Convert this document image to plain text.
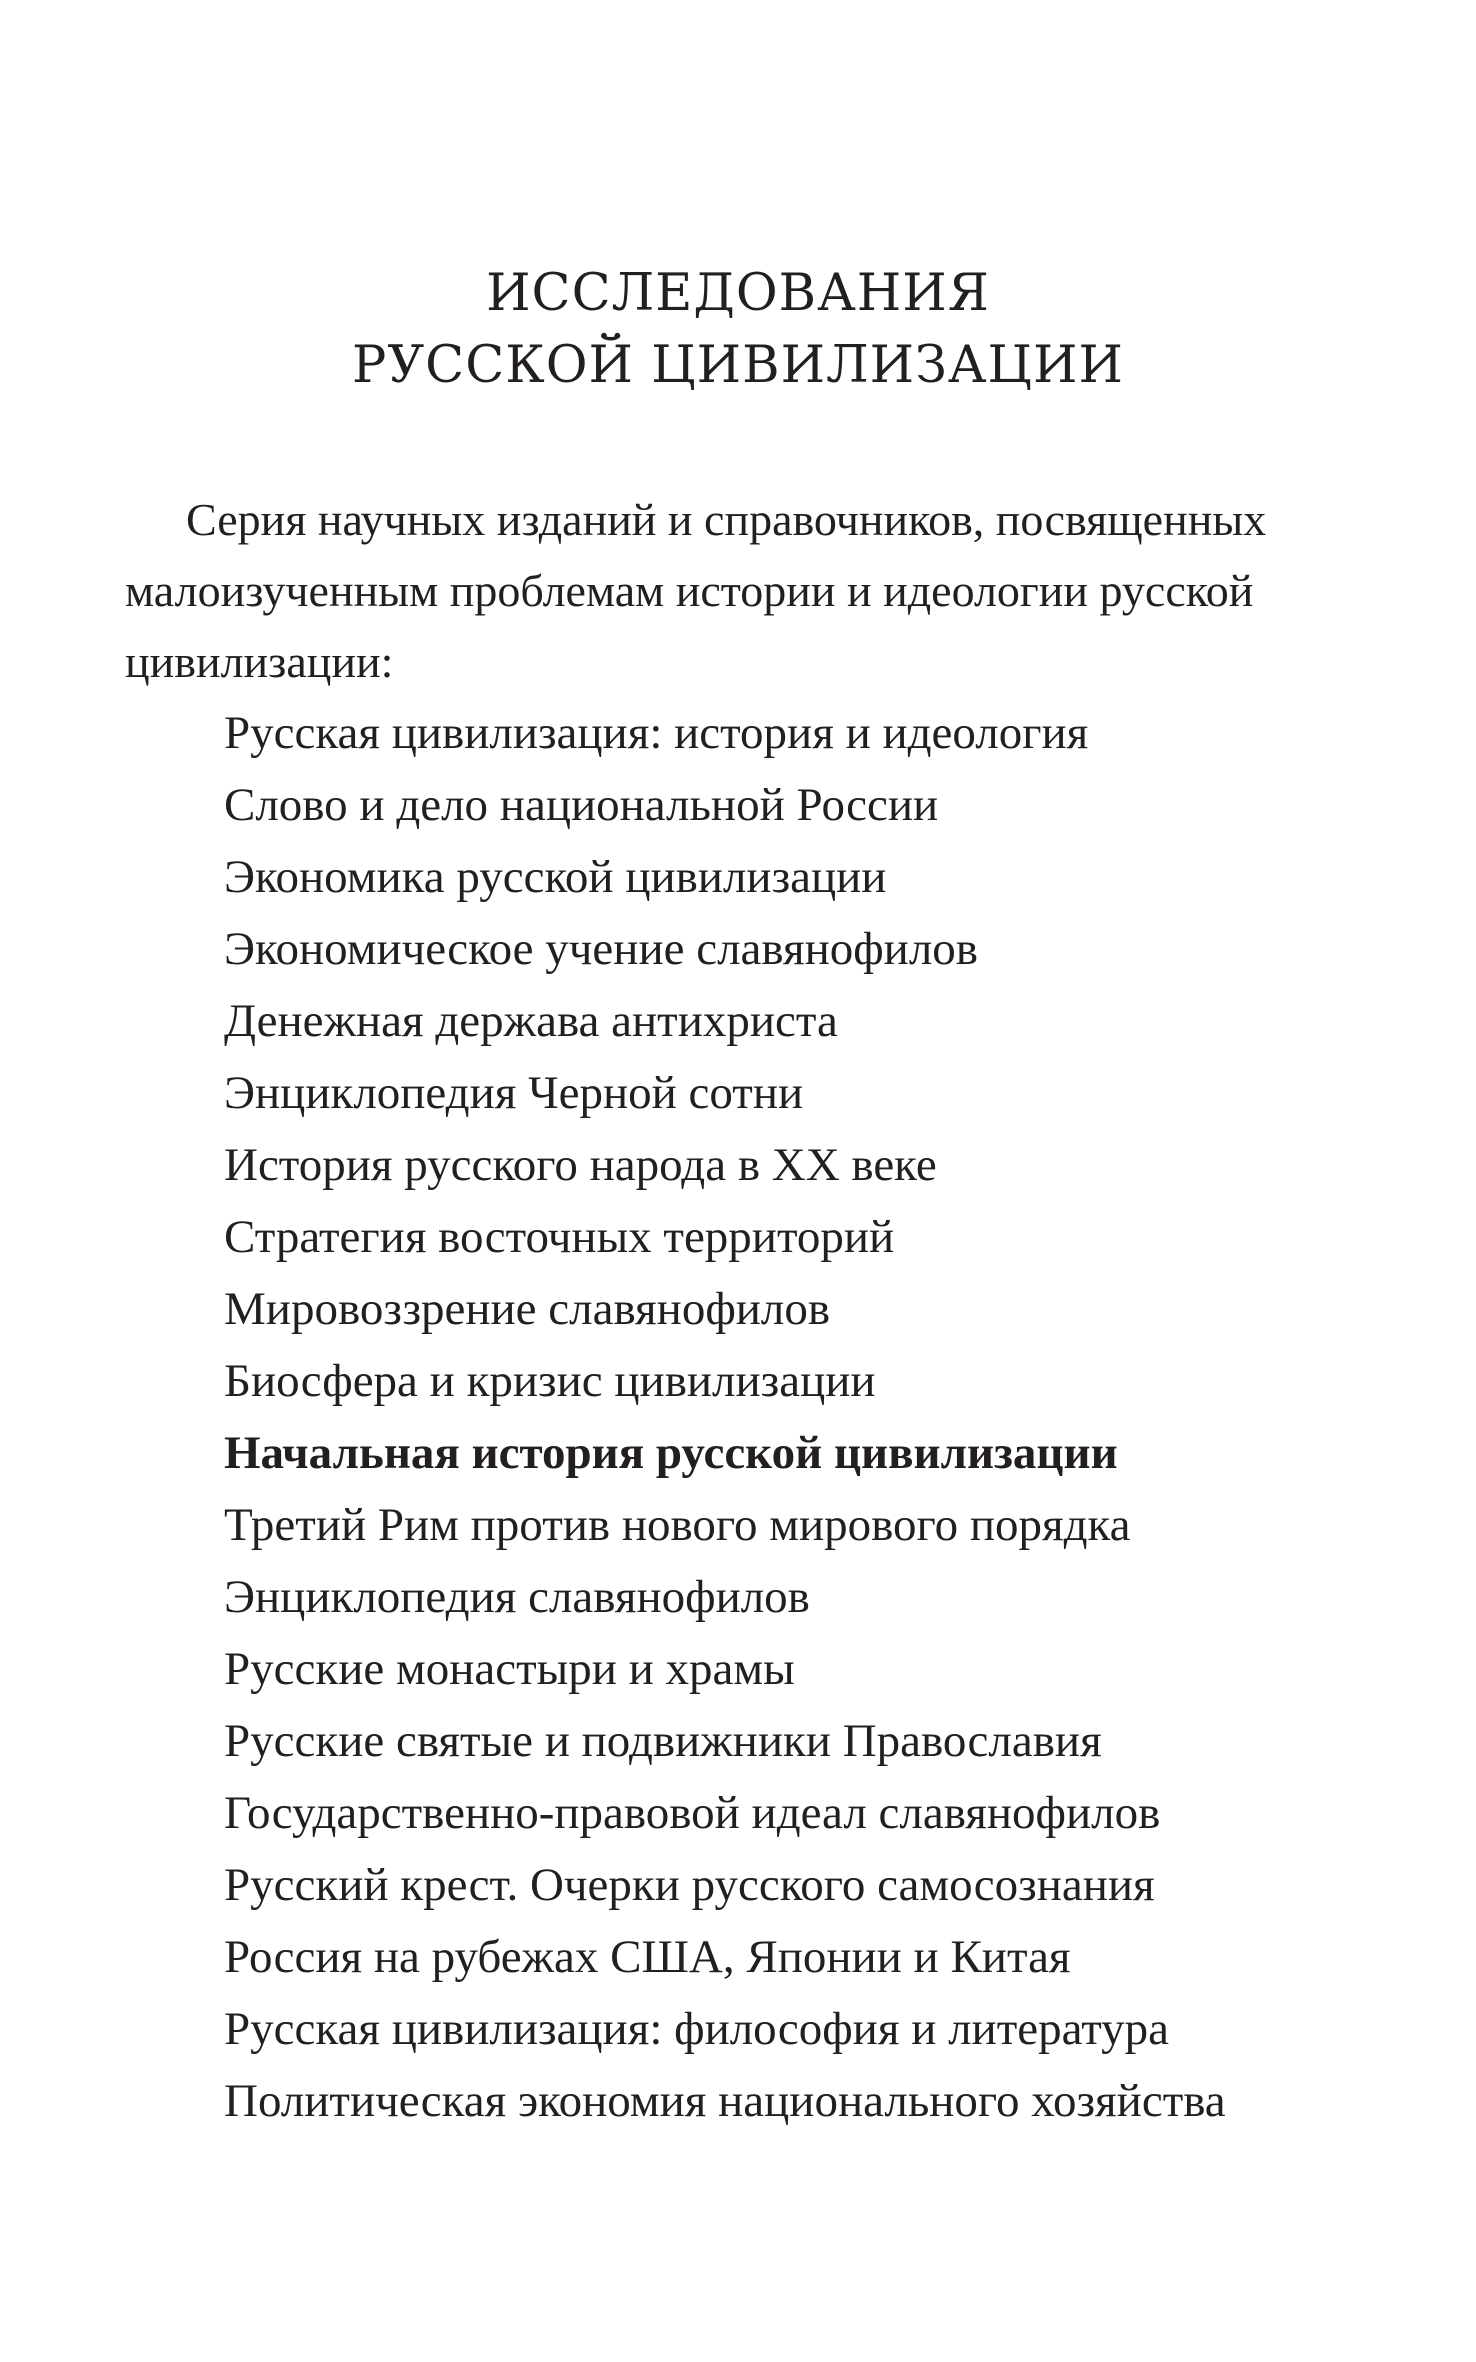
ИССЛЕДОВАНИЯ
РУССКОЙ ЦИВИЛИЗАЦИИ

Серия научных изданий и справочников, посвященных
малоизученным проблемам истории и идеологии русской
цивилизации:

Русская цивилизация: история и идеология
Слово и дело национальной России
Экономика русской цивилизации
Экономическое учение славянофилов
Денежная держава антихриста
Энциклопедия Черной сотни
История русского народа в XX веке
Стратегия восточных территорий
Мировоззрение славянофилов
Биосфера и кризис цивилизации
Начальная история русской цивилизации
Третий Рим против нового мирового порядка
Энциклопедия славянофилов
Русские монастыри и храмы
Русские святые и подвижники Православия
Государственно-правовой идеал славянофилов
Русский крест. Очерки русского самосознания
Россия на рубежах США, Японии и Китая
Русская цивилизация: философия и литература
Политическая экономия национального хозяйства
